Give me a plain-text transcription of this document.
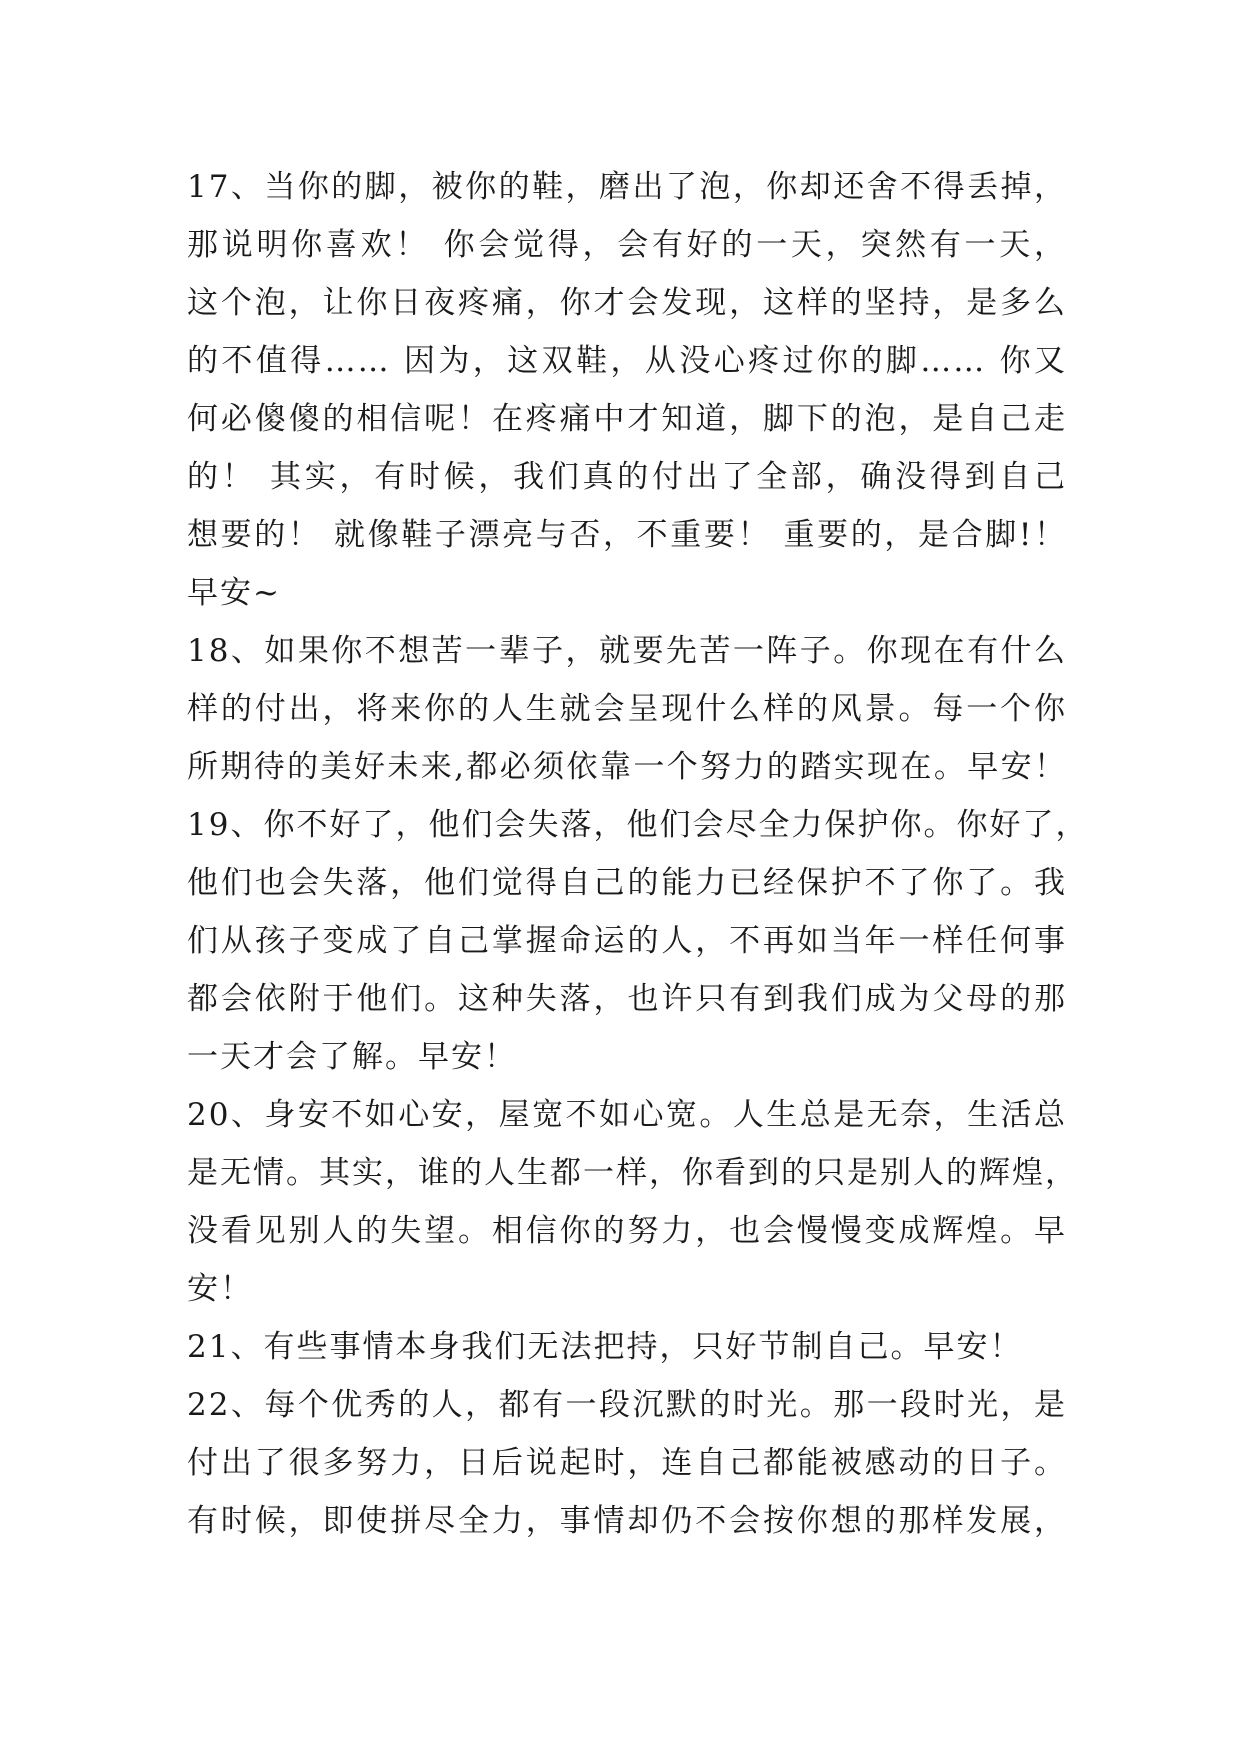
17、当你的脚，被你的鞋，磨出了泡，你却还舍不得丢掉，
那说明你喜欢！ 你会觉得，会有好的一天，突然有一天，
这个泡，让你日夜疼痛，你才会发现，这样的坚持，是多么
的不值得…… 因为，这双鞋，从没心疼过你的脚…… 你又
何必傻傻的相信呢！在疼痛中才知道，脚下的泡，是自己走
的！ 其实，有时候，我们真的付出了全部，确没得到自己
想要的！ 就像鞋子漂亮与否，不重要！ 重要的，是合脚!！
早安~
18、如果你不想苦一辈子，就要先苦一阵子。你现在有什么
样的付出，将来你的人生就会呈现什么样的风景。每一个你
所期待的美好未来,都必须依靠一个努力的踏实现在。早安！
19、你不好了，他们会失落，他们会尽全力保护你。你好了，
他们也会失落，他们觉得自己的能力已经保护不了你了。我
们从孩子变成了自己掌握命运的人，不再如当年一样任何事
都会依附于他们。这种失落，也许只有到我们成为父母的那
一天才会了解。早安！
20、身安不如心安，屋宽不如心宽。人生总是无奈，生活总
是无情。其实，谁的人生都一样，你看到的只是别人的辉煌，
没看见别人的失望。相信你的努力，也会慢慢变成辉煌。早
安！
21、有些事情本身我们无法把持，只好节制自己。早安！
22、每个优秀的人，都有一段沉默的时光。那一段时光，是
付出了很多努力，日后说起时，连自己都能被感动的日子。
有时候，即使拼尽全力，事情却仍不会按你想的那样发展，
